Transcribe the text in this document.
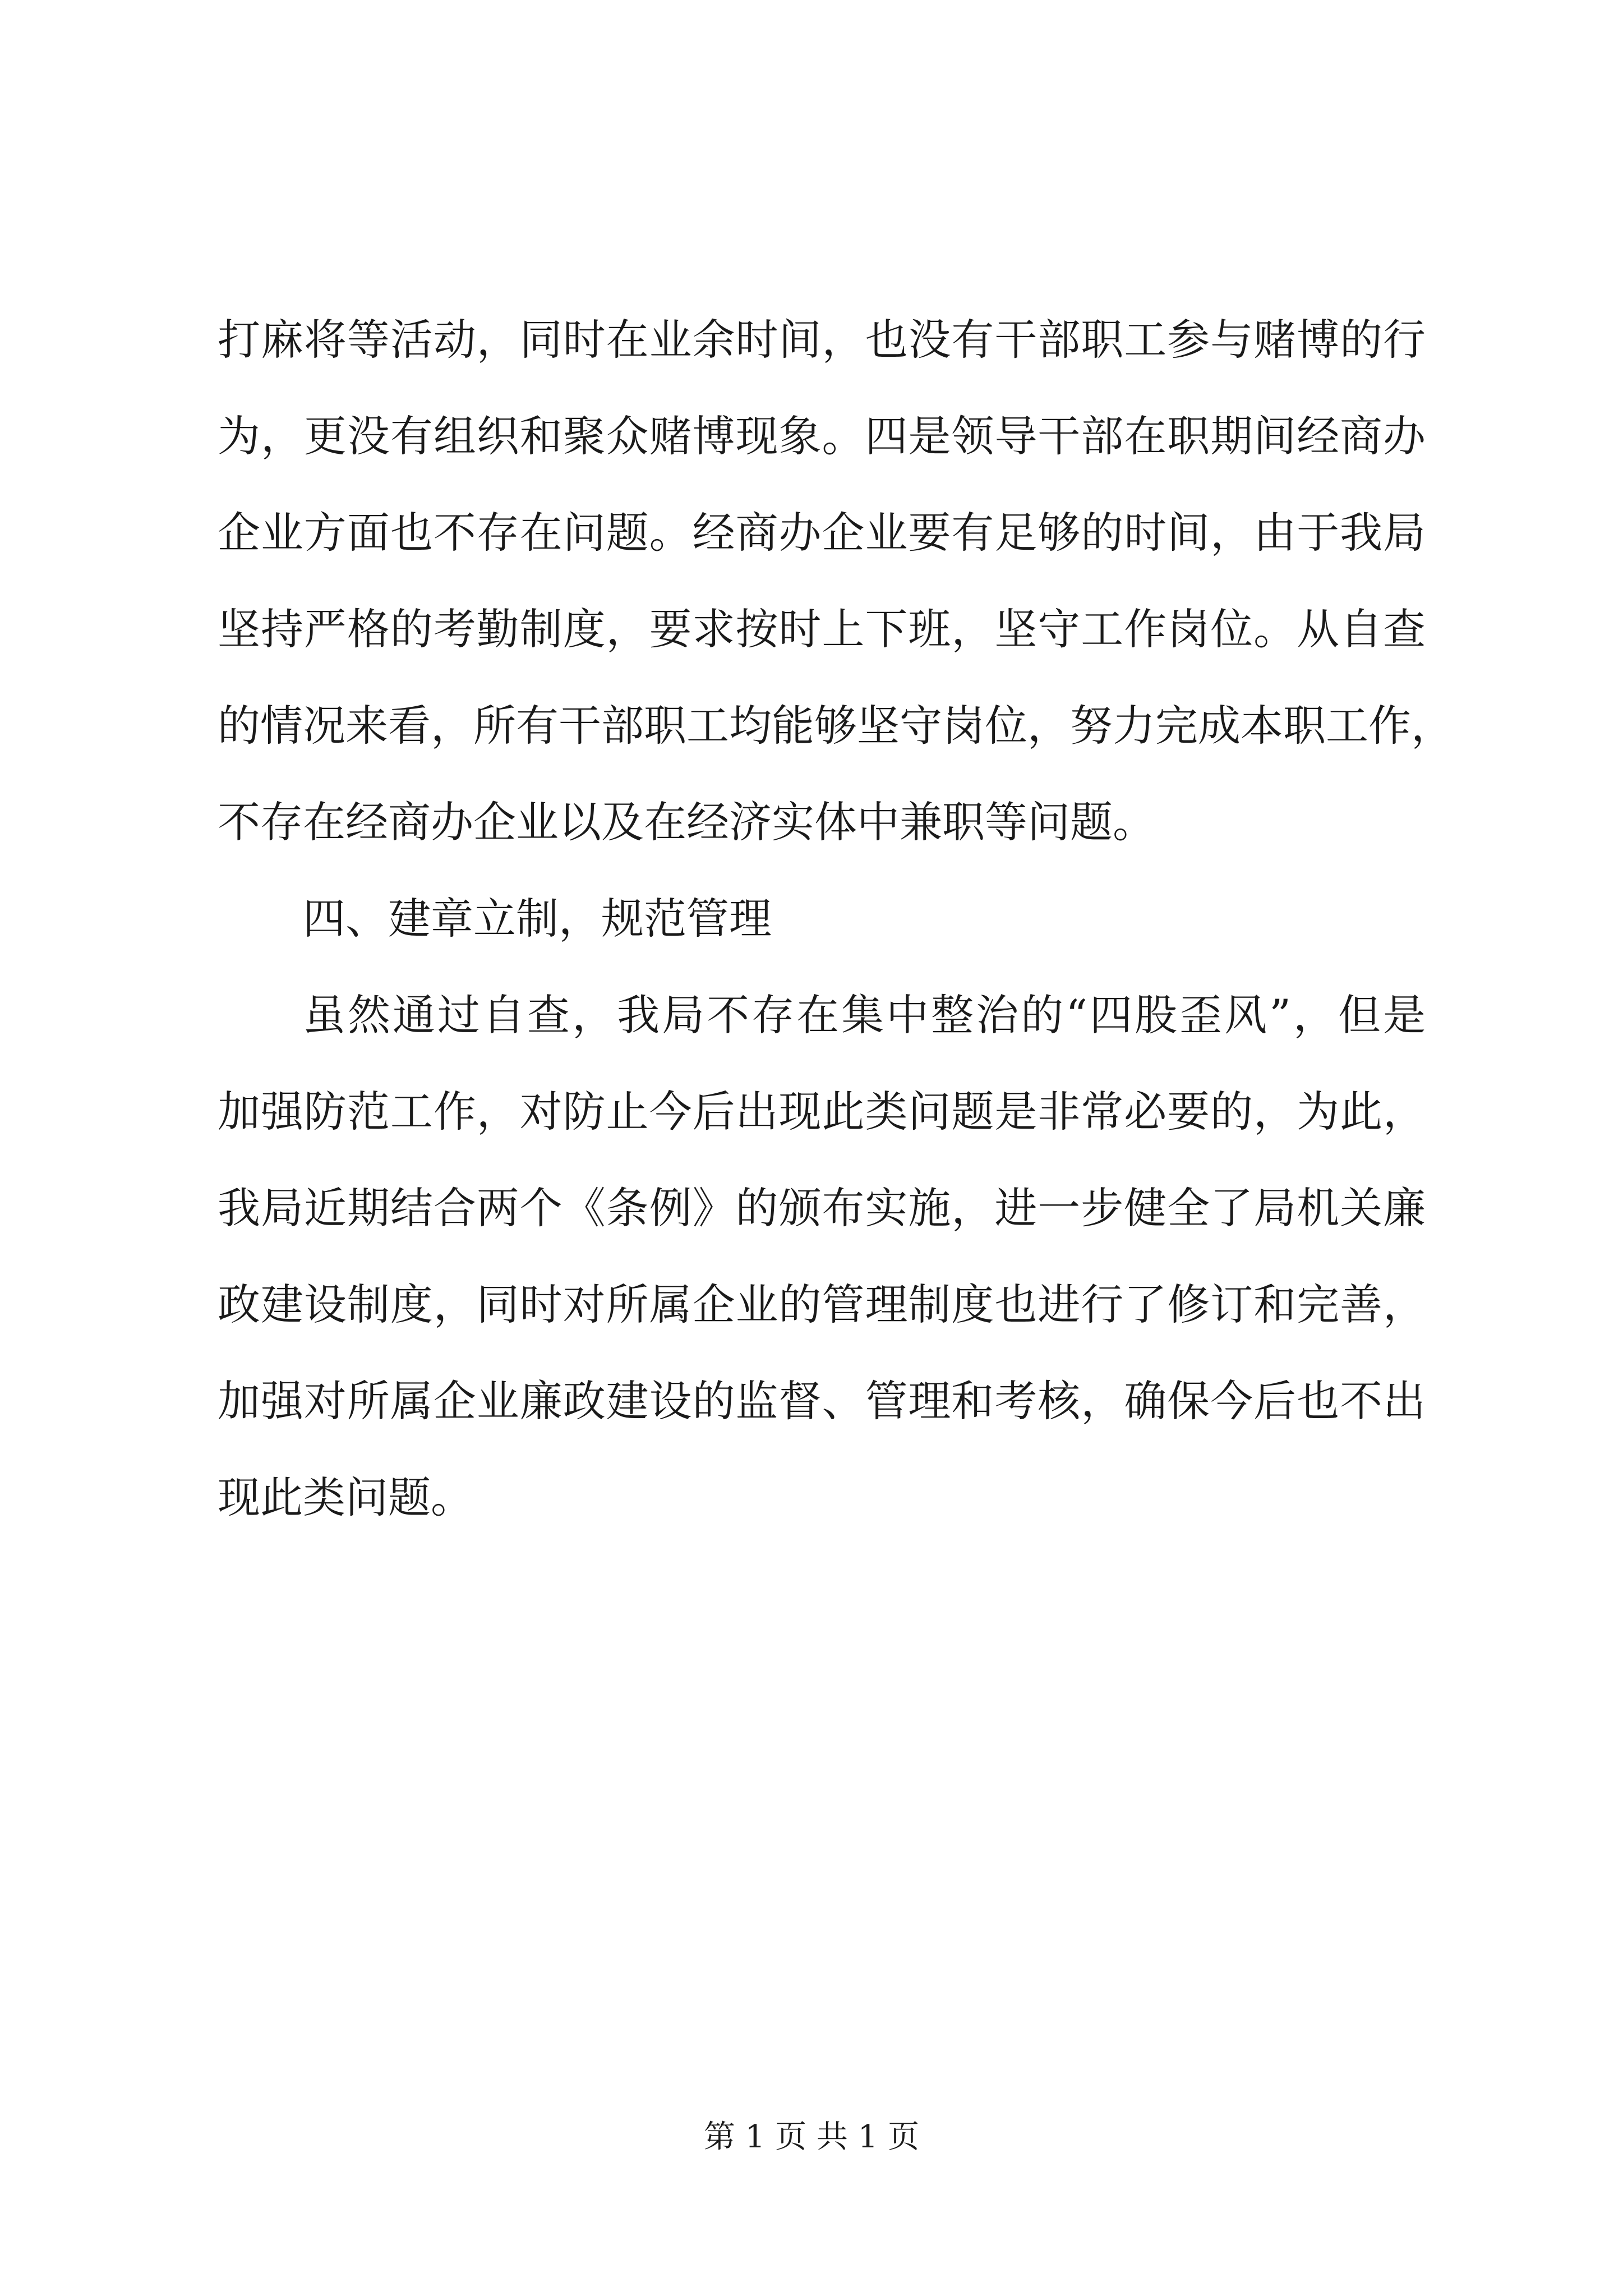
打麻将等活动，同时在业余时间，也没有干部职工参与赌博的行
为，更没有组织和聚众赌博现象。四是领导干部在职期间经商办
企业方面也不存在问题。经商办企业要有足够的时间，由于我局
坚持严格的考勤制度，要求按时上下班，坚守工作岗位。从自查
的情况来看，所有干部职工均能够坚守岗位，努力完成本职工作，
不存在经商办企业以及在经济实体中兼职等问题。
四、建章立制，规范管理
虽然通过自查，我局不存在集中整治的“四股歪风”，但是
加强防范工作，对防止今后出现此类问题是非常必要的，为此，
我局近期结合两个《条例》的颁布实施，进一步健全了局机关廉
政建设制度，同时对所属企业的管理制度也进行了修订和完善，
加强对所属企业廉政建设的监督、管理和考核，确保今后也不出
现此类问题。
第 1 页 共 1 页
